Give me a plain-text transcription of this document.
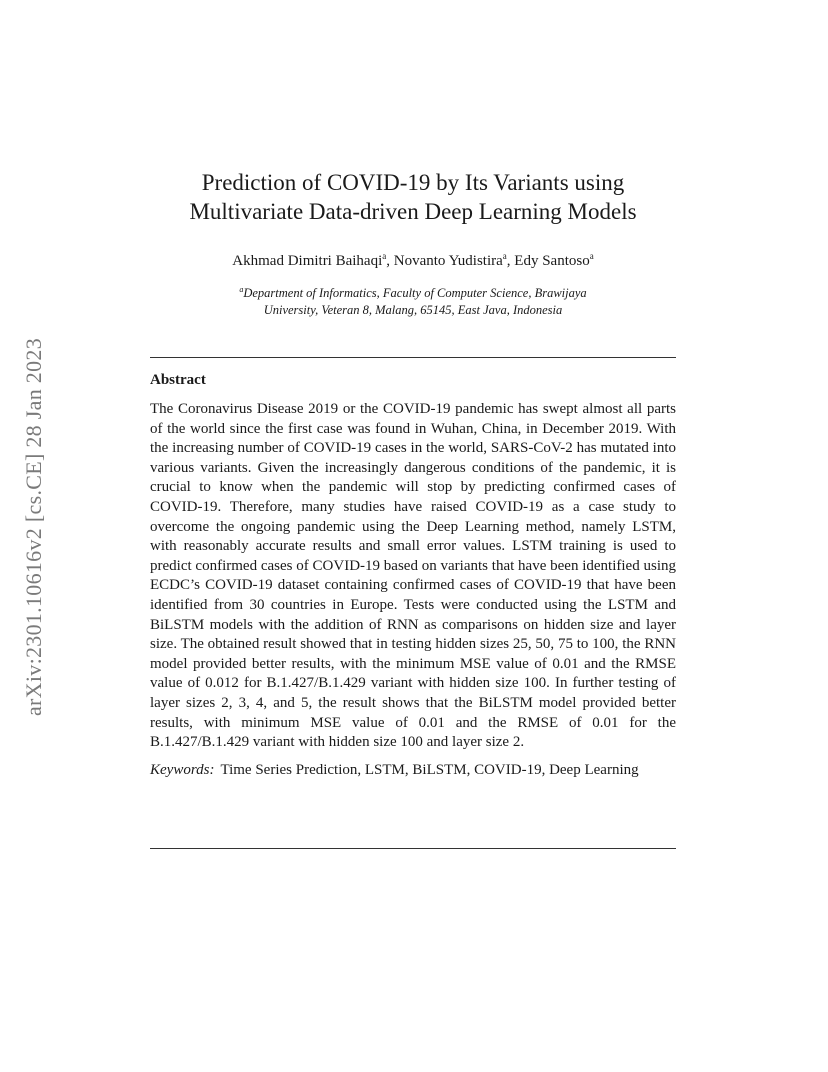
arXiv:2301.10616v2 [cs.CE] 28 Jan 2023
Prediction of COVID-19 by Its Variants using
Multivariate Data-driven Deep Learning Models
Akhmad Dimitri Baihaqi$^a$, Novanto Yudistira$^a$, Edy Santoso$^a$
$^a$Department of Informatics, Faculty of Computer Science, Brawijaya
University, Veteran 8, Malang, 65145, East Java, Indonesia
Abstract

The Coronavirus Disease 2019 or the COVID-19 pandemic has swept almost all parts of the world since the first case was found in Wuhan, China, in December 2019. With the increasing number of COVID-19 cases in the world, SARS-CoV-2 has mutated into various variants. Given the increasingly dangerous conditions of the pandemic, it is crucial to know when the pandemic will stop by predicting confirmed cases of COVID-19. Therefore, many studies have raised COVID-19 as a case study to overcome the ongoing pandemic using the Deep Learning method, namely LSTM, with reasonably accurate results and small error values. LSTM training is used to predict confirmed cases of COVID-19 based on variants that have been identified using ECDC’s COVID-19 dataset containing confirmed cases of COVID-19 that have been identified from 30 countries in Europe. Tests were conducted using the LSTM and BiLSTM models with the addition of RNN as comparisons on hidden size and layer size. The obtained result showed that in testing hidden sizes 25, 50, 75 to 100, the RNN model provided better results, with the minimum MSE value of 0.01 and the RMSE value of 0.012 for B.1.427/B.1.429 variant with hidden size 100. In further testing of layer sizes 2, 3, 4, and 5, the result shows that the BiLSTM model provided better results, with minimum MSE value of 0.01 and the RMSE of 0.01 for the B.1.427/B.1.429 variant with hidden size 100 and layer size 2.

Keywords: Time Series Prediction, LSTM, BiLSTM, COVID-19, Deep Learning
